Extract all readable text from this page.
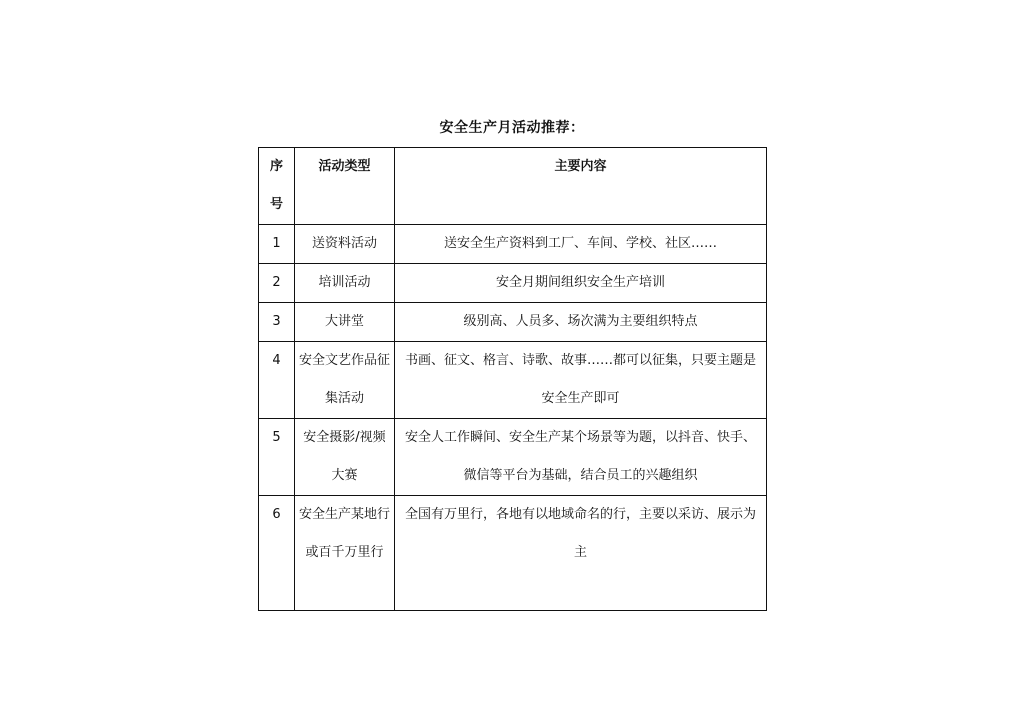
安全生产月活动推荐：
序号	活动类型	主要内容
1	送资料活动	送安全生产资料到工厂、车间、学校、社区……
2	培训活动	安全月期间组织安全生产培训
3	大讲堂	级别高、人员多、场次满为主要组织特点
4	安全文艺作品征集活动	书画、征文、格言、诗歌、故事……都可以征集，只要主题是安全生产即可
5	安全摄影/视频大赛	安全人工作瞬间、安全生产某个场景等为题，以抖音、快手、微信等平台为基础，结合员工的兴趣组织
6	安全生产某地行或百千万里行	全国有万里行，各地有以地域命名的行，主要以采访、展示为主
